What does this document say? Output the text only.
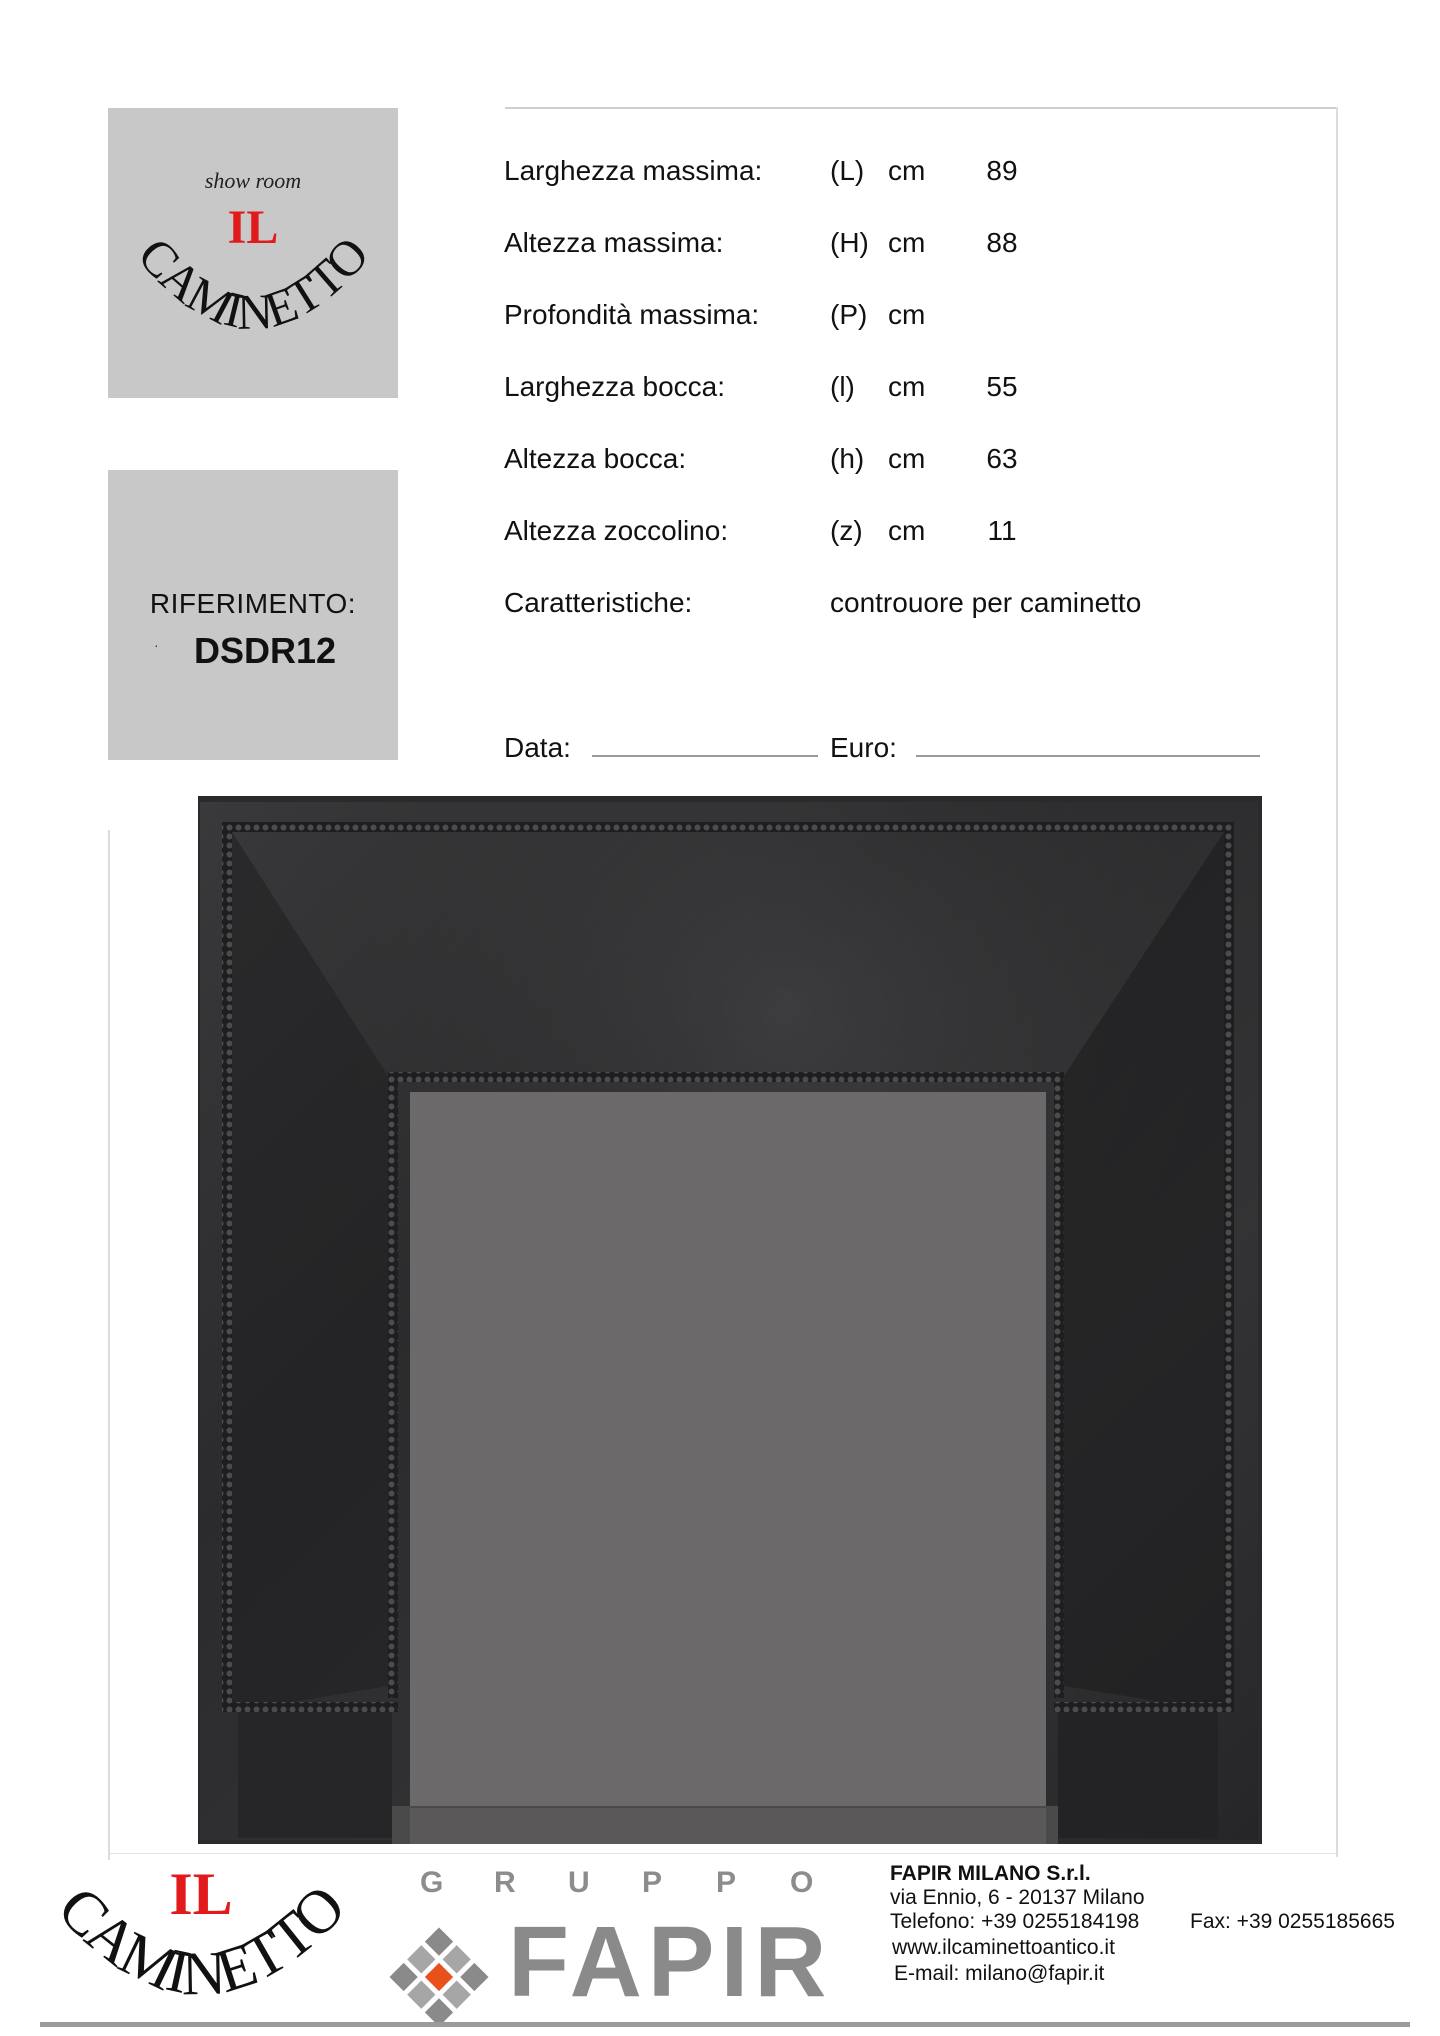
show room
IL
CAMINETTO
RIFERIMENTO:
· DSDR12
Larghezza massima: (L) cm	89
Altezza massima:	(H) cm	88
Profondità massima:	(P) cm
Larghezza bocca:	(l) cm	55
Altezza bocca:	(h) cm	63
Altezza zoccolino:	(z) cm	11
Caratteristiche:	controuore per caminetto
Data:	Euro:
IL
CAMINETTO G R U P P O
FAPIR
FAPIR MILANO S.r.l.
via Ennio, 6 - 20137 Milano
Telefono: +39 0255184198 Fax: +39 0255185665
www.ilcaminettoantico.it
E-mail: milano@fapir.it
